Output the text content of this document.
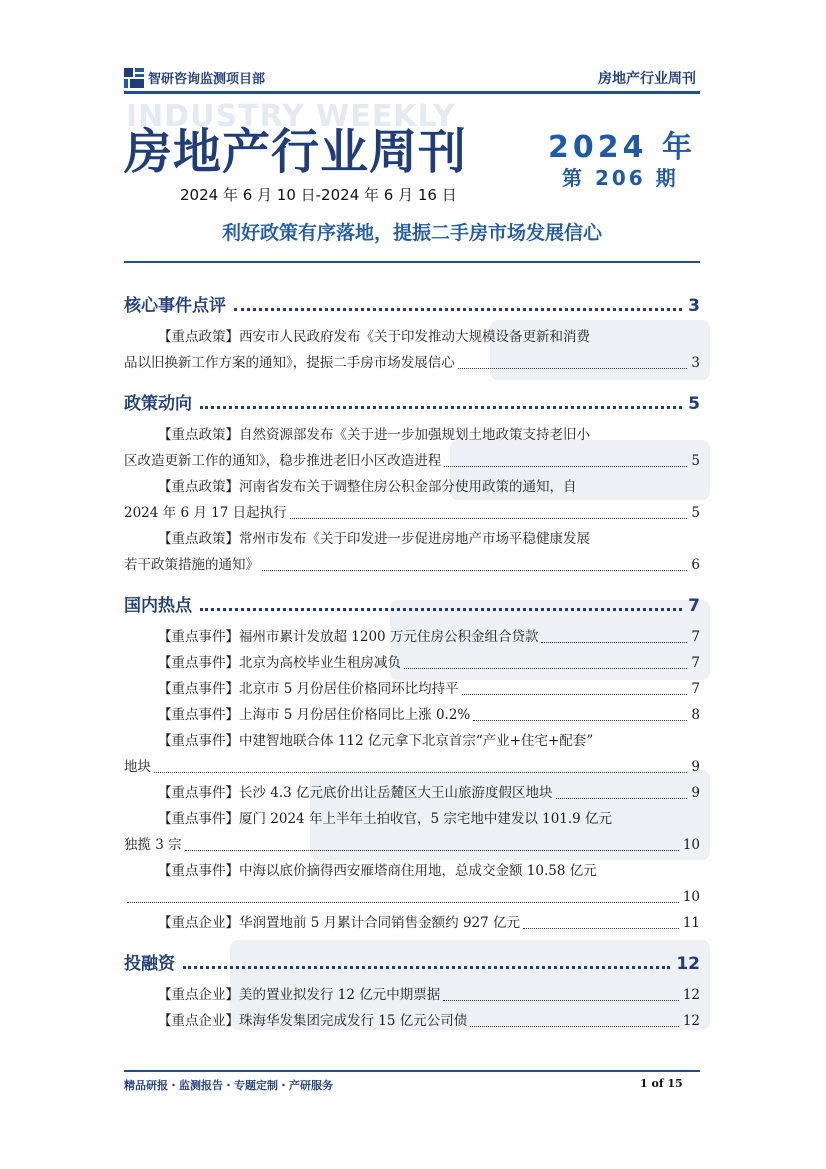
智研咨询监测项目部	房地产行业周刊
INDUSTRY WEEKLY
房地产行业周刊	2024 年
第 206 期
2024 年 6 月 10 日-2024 年 6 月 16 日
利好政策有序落地，提振二手房市场发展信心
核心事件点评	3
【重点政策】西安市人民政府发布《关于印发推动大规模设备更新和消费
品以旧换新工作方案的通知》，提振二手房市场发展信心	3
政策动向	5
【重点政策】自然资源部发布《关于进一步加强规划土地政策支持老旧小
区改造更新工作的通知》，稳步推进老旧小区改造进程	5
【重点政策】河南省发布关于调整住房公积金部分使用政策的通知，自
2024 年 6 月 17 日起执行	5
【重点政策】常州市发布《关于印发进一步促进房地产市场平稳健康发展
若干政策措施的通知》	6
国内热点	7
【重点事件】福州市累计发放超 1200 万元住房公积金组合贷款	7
【重点事件】北京为高校毕业生租房减负	7
【重点事件】北京市 5 月份居住价格同环比均持平	7
【重点事件】上海市 5 月份居住价格同比上涨 0.2%	8
【重点事件】中建智地联合体 112 亿元拿下北京首宗“产业+住宅+配套”
地块	9
【重点事件】长沙 4.3 亿元底价出让岳麓区大王山旅游度假区地块	9
【重点事件】厦门 2024 年上半年土拍收官，5 宗宅地中建发以 101.9 亿元
独揽 3 宗	10
【重点事件】中海以底价摘得西安雁塔商住用地，总成交金额 10.58 亿元
10
【重点企业】华润置地前 5 月累计合同销售金额约 927 亿元	11
投融资	12
【重点企业】美的置业拟发行 12 亿元中期票据	12
【重点企业】珠海华发集团完成发行 15 亿元公司债	12
精品研报・监测报告・专题定制・产研服务	1 of 15
